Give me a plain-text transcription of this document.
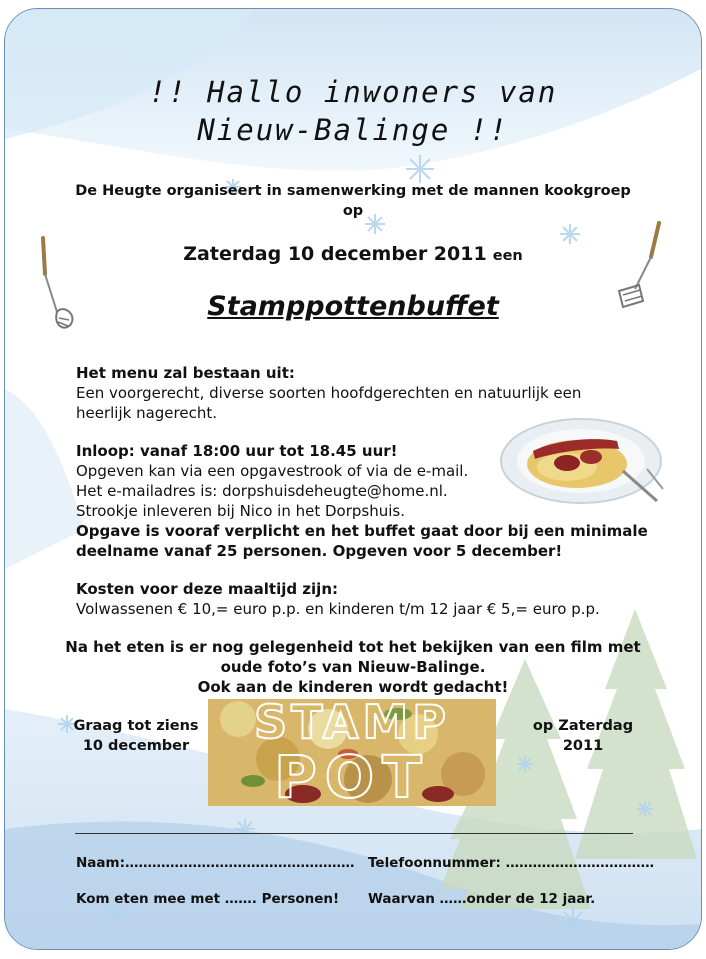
!! Hallo inwoners van
Nieuw-Balinge !!
De Heugte organiseert in samenwerking met de mannen kookgroep
op
Zaterdag 10 december 2011 een
Stamppottenbuffet
Het menu zal bestaan uit:
Een voorgerecht, diverse soorten hoofdgerechten en natuurlijk een
heerlijk nagerecht.
Inloop: vanaf 18:00 uur tot 18.45 uur!
Opgeven kan via een opgavestrook of via de e-mail.
Het e-mailadres is: dorpshuisdeheugte@home.nl.
Strookje inleveren bij Nico in het Dorpshuis.
Opgave is vooraf verplicht en het buffet gaat door bij een minimale
deelname vanaf 25 personen. Opgeven voor 5 december!
Kosten voor deze maaltijd zijn:
Volwassenen € 10,= euro p.p. en kinderen t/m 12 jaar € 5,= euro p.p.
Na het eten is er nog gelegenheid tot het bekijken van een film met
oude foto’s van Nieuw-Balinge.
Ook aan de kinderen wordt gedacht!
Graag tot ziens
10 december	STAMP
POT
op Zaterdag
2011
Naam:…………………………………………… Telefoonnummer: ……………………………
Kom eten mee met ……. Personen! Waarvan ……onder de 12 jaar.
